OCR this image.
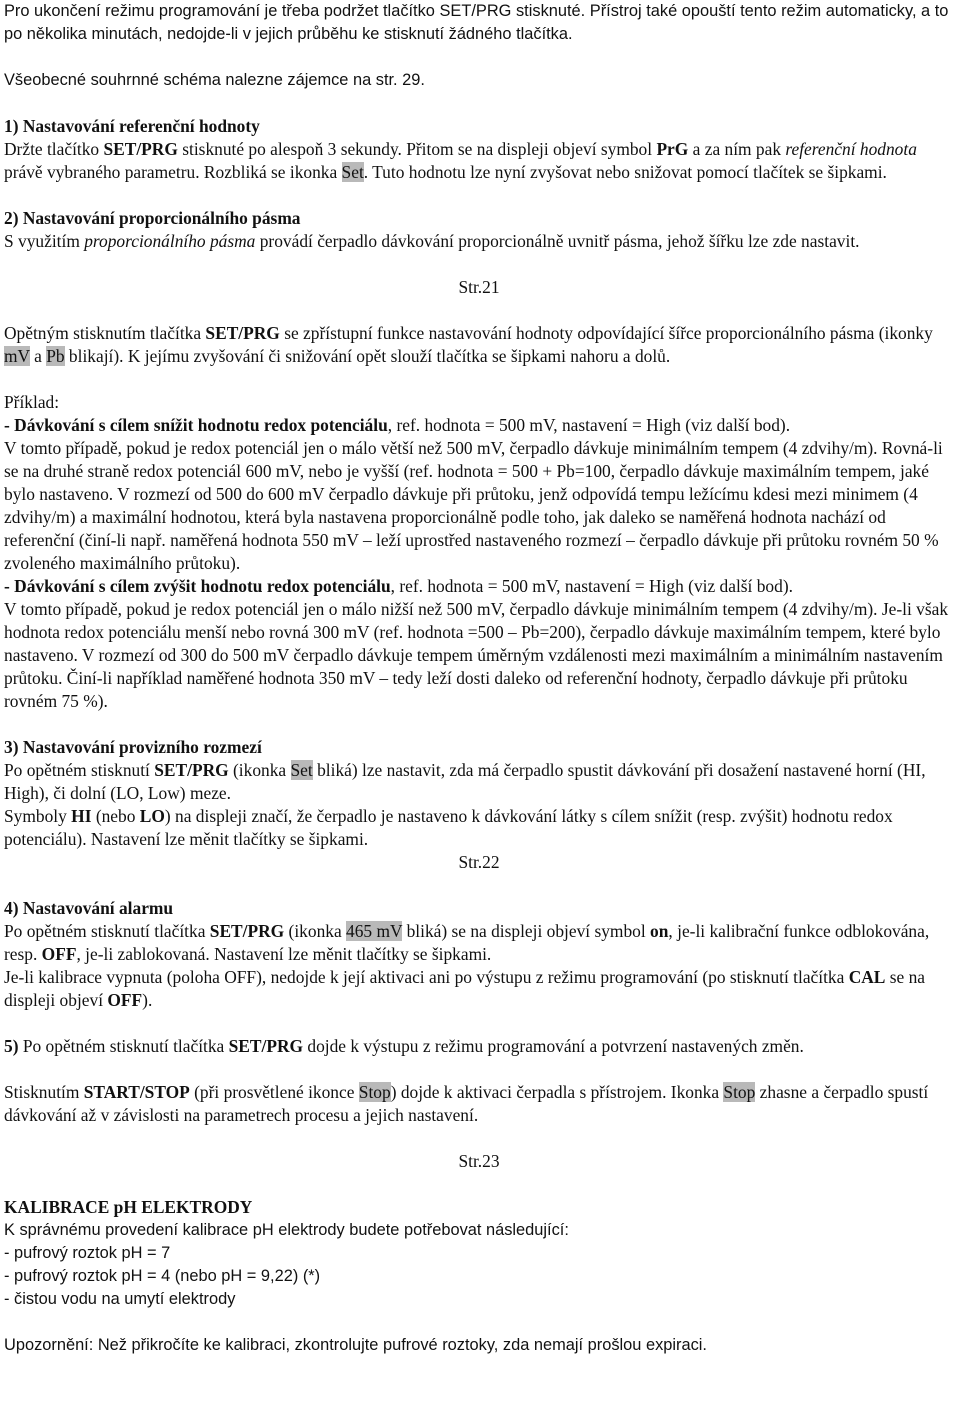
Pro ukončení režimu programování je třeba podržet tlačítko SET/PRG stisknuté. Přístroj také opouští tento režim automaticky, a to po několika minutách, nedojde-li v jejich průběhu ke stisknutí žádného tlačítka.

Všeobecné souhrnné schéma nalezne zájemce na str. 29.

1) Nastavování referenční hodnoty

Držte tlačítko SET/PRG stisknuté po alespoň 3 sekundy. Přitom se na displeji objeví symbol PrG a za ním pak referenční hodnota právě vybraného parametru. Rozbliká se ikonka Set. Tuto hodnotu lze nyní zvyšovat nebo snižovat pomocí tlačítek se šipkami.

2) Nastavování proporcionálního pásma

S využitím proporcionálního pásma provádí čerpadlo dávkování proporcionálně uvnitř pásma, jehož šířku lze zde nastavit.

Str.21

Opětným stisknutím tlačítka SET/PRG se zpřístupní funkce nastavování hodnoty odpovídající šířce proporcionálního pásma (ikonky mV a Pb blikají). K jejímu zvyšování či snižování opět slouží tlačítka se šipkami nahoru a dolů.

Příklad:

- Dávkování s cílem snížit hodnotu redox potenciálu, ref. hodnota = 500 mV, nastavení = High (viz další bod).

V tomto případě, pokud je redox potenciál jen o málo větší než 500 mV, čerpadlo dávkuje minimálním tempem (4 zdvihy/m). Rovná-li se na druhé straně redox potenciál 600 mV, nebo je vyšší (ref. hodnota = 500 + Pb=100, čerpadlo dávkuje maximálním tempem, jaké bylo nastaveno. V rozmezí od 500 do 600 mV čerpadlo dávkuje při průtoku, jenž odpovídá tempu ležícímu kdesi mezi minimem (4 zdvihy/m) a maximální hodnotou, která byla nastavena proporcionálně podle toho, jak daleko se naměřená hodnota nachází od referenční (činí-li např. naměřená hodnota 550 mV – leží uprostřed nastaveného rozmezí – čerpadlo dávkuje při průtoku rovném 50 % zvoleného maximálního průtoku).

- Dávkování s cílem zvýšit hodnotu redox potenciálu, ref. hodnota = 500 mV, nastavení = High (viz další bod).

V tomto případě, pokud je redox potenciál jen o málo nižší než 500 mV, čerpadlo dávkuje minimálním tempem (4 zdvihy/m). Je-li však hodnota redox potenciálu menší nebo rovná 300 mV (ref. hodnota =500 – Pb=200), čerpadlo dávkuje maximálním tempem, které bylo nastaveno. V rozmezí od 300 do 500 mV čerpadlo dávkuje tempem úměrným vzdálenosti mezi maximálním a minimálním nastavením průtoku. Činí-li například naměřené hodnota 350 mV – tedy leží dosti daleko od referenční hodnoty, čerpadlo dávkuje při průtoku rovném 75 %).

3) Nastavování provizního rozmezí

Po opětném stisknutí SET/PRG (ikonka Set bliká) lze nastavit, zda má čerpadlo spustit dávkování při dosažení nastavené horní (HI, High), či dolní (LO, Low) meze.

Symboly HI (nebo LO) na displeji značí, že čerpadlo je nastaveno k dávkování látky s cílem snížit (resp. zvýšit) hodnotu redox potenciálu). Nastavení lze měnit tlačítky se šipkami.

Str.22

4) Nastavování alarmu

Po opětném stisknutí tlačítka SET/PRG (ikonka 465 mV bliká) se na displeji objeví symbol on, je-li kalibrační funkce odblokována, resp. OFF, je-li zablokovaná. Nastavení lze měnit tlačítky se šipkami.

Je-li kalibrace vypnuta (poloha OFF), nedojde k její aktivaci ani po výstupu z režimu programování (po stisknutí tlačítka CAL se na displeji objeví OFF).

5) Po opětném stisknutí tlačítka SET/PRG dojde k výstupu z režimu programování a potvrzení nastavených změn.

Stisknutím START/STOP (při prosvětlené ikonce Stop) dojde k aktivaci čerpadla s přístrojem. Ikonka Stop zhasne a čerpadlo spustí dávkování až v závislosti na parametrech procesu a jejich nastavení.

Str.23

KALIBRACE pH ELEKTRODY

K správnému provedení kalibrace pH elektrody budete potřebovat následující:

- pufrový roztok pH = 7

- pufrový roztok pH = 4 (nebo pH = 9,22) (*)

- čistou vodu na umytí elektrody

Upozornění: Než přikročíte ke kalibraci, zkontrolujte pufrové roztoky, zda nemají prošlou expiraci.
